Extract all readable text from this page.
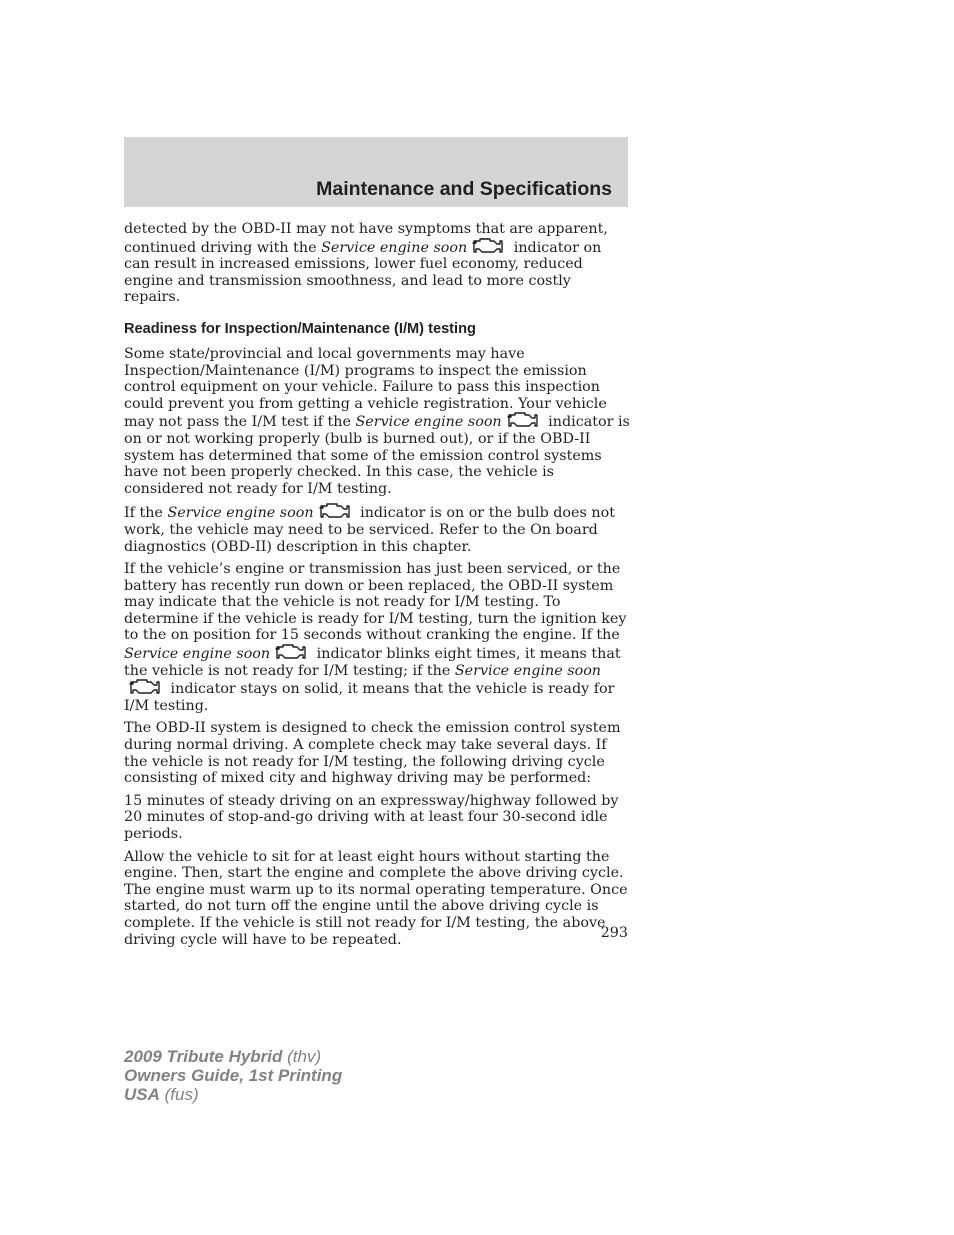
Maintenance and Specifications

detected by the OBD-II may not have symptoms that are apparent, continued driving with the Service engine soon	indicator on can result in increased emissions, lower fuel economy, reduced engine and transmission smoothness, and lead to more costly repairs.

Readiness for Inspection/Maintenance (I/M) testing

Some state/provincial and local governments may have Inspection/Maintenance (I/M) programs to inspect the emission control equipment on your vehicle. Failure to pass this inspection could prevent you from getting a vehicle registration. Your vehicle may not pass the I/M test if the Service engine soon	indicator is on or not working properly (bulb is burned out), or if the OBD-II system has determined that some of the emission control systems have not been properly checked. In this case, the vehicle is considered not ready for I/M testing.

If the Service engine soon	indicator is on or the bulb does not work, the vehicle may need to be serviced. Refer to the On board diagnostics (OBD-II) description in this chapter.

If the vehicle’s engine or transmission has just been serviced, or the battery has recently run down or been replaced, the OBD-II system may indicate that the vehicle is not ready for I/M testing. To determine if the vehicle is ready for I/M testing, turn the ignition key to the on position for 15 seconds without cranking the engine. If the Service engine soon	indicator blinks eight times, it means that the vehicle is not ready for I/M testing; if the Service engine soon indicator stays on solid, it means that the vehicle is ready for I/M testing.

The OBD-II system is designed to check the emission control system during normal driving. A complete check may take several days. If the vehicle is not ready for I/M testing, the following driving cycle consisting of mixed city and highway driving may be performed:

15 minutes of steady driving on an expressway/highway followed by 20 minutes of stop-and-go driving with at least four 30-second idle periods.

Allow the vehicle to sit for at least eight hours without starting the engine. Then, start the engine and complete the above driving cycle. The engine must warm up to its normal operating temperature. Once started, do not turn off the engine until the above driving cycle is complete. If the vehicle is still not ready for I/M testing, the above driving cycle will have to be repeated.	293
2009 Tribute Hybrid (thv)
Owners Guide, 1st Printing
USA (fus)
